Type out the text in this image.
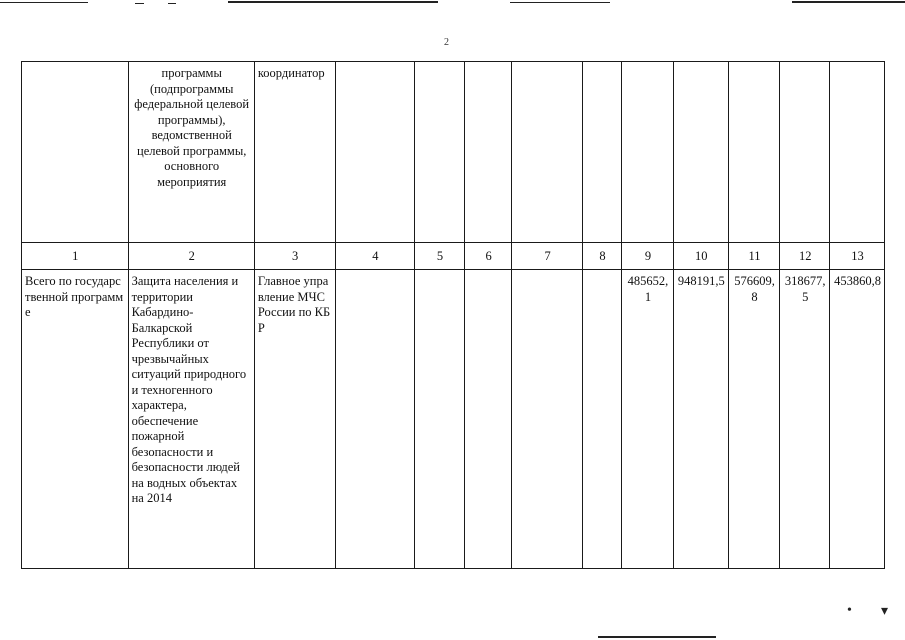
2
	программы (подпрограммы федеральной целевой программы), ведомственной целевой программы, основного мероприятия	координатор										
1	2	3	4	5	6	7	8	9	10	11	12	13
Всего по государственной программе	Защита населения и территории Кабардино-Балкарской Республики от чрезвычайных ситуаций природного и техногенного характера, обеспечение пожарной безопасности и безопасности людей на водных объектах на 2014	Главное управление МЧС России по КБР						485652,1	948191,5	576609,8	318677,5	453860,8
• ▾
